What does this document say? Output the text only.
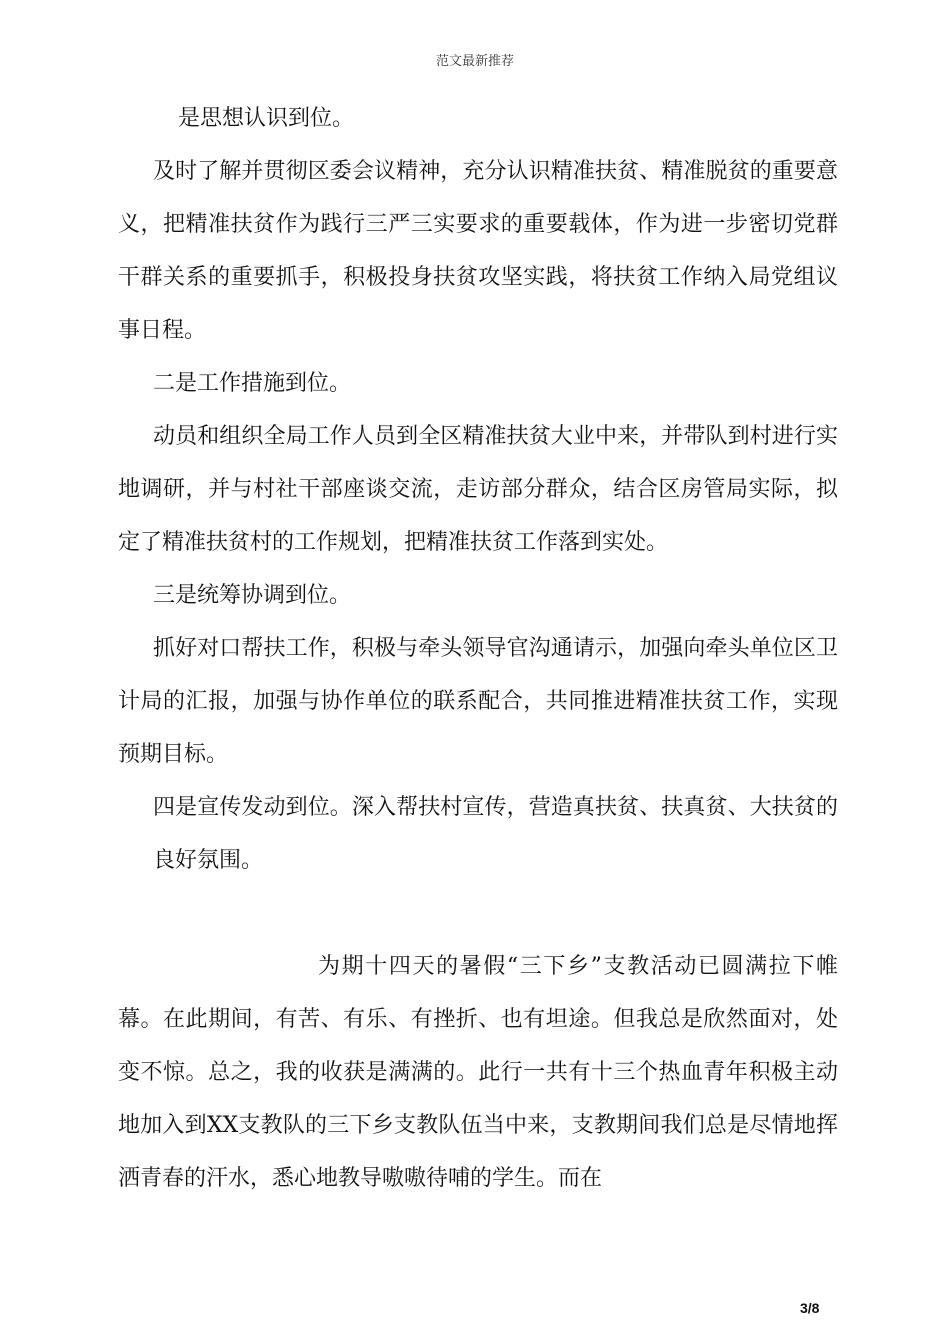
范文最新推荐

是思想认识到位。

及时了解并贯彻区委会议精神，充分认识精准扶贫、精准脱贫的重要意义，把精准扶贫作为践行三严三实要求的重要载体，作为进一步密切党群干群关系的重要抓手，积极投身扶贫攻坚实践，将扶贫工作纳入局党组议事日程。

二是工作措施到位。

动员和组织全局工作人员到全区精准扶贫大业中来，并带队到村进行实地调研，并与村社干部座谈交流，走访部分群众，结合区房管局实际，拟定了精准扶贫村的工作规划，把精准扶贫工作落到实处。

三是统筹协调到位。

抓好对口帮扶工作，积极与牵头领导官沟通请示，加强向牵头单位区卫计局的汇报，加强与协作单位的联系配合，共同推进精准扶贫工作，实现预期目标。

四是宣传发动到位。深入帮扶村宣传，营造真扶贫、扶真贫、大扶贫的良好氛围。

为期十四天的暑假“三下乡”支教活动已圆满拉下帷幕。在此期间，有苦、有乐、有挫折、也有坦途。但我总是欣然面对，处变不惊。总之，我的收获是满满的。此行一共有十三个热血青年积极主动地加入到XX支教队的三下乡支教队伍当中来，支教期间我们总是尽情地挥洒青春的汗水，悉心地教导嗷嗷待哺的学生。而在

3/8
